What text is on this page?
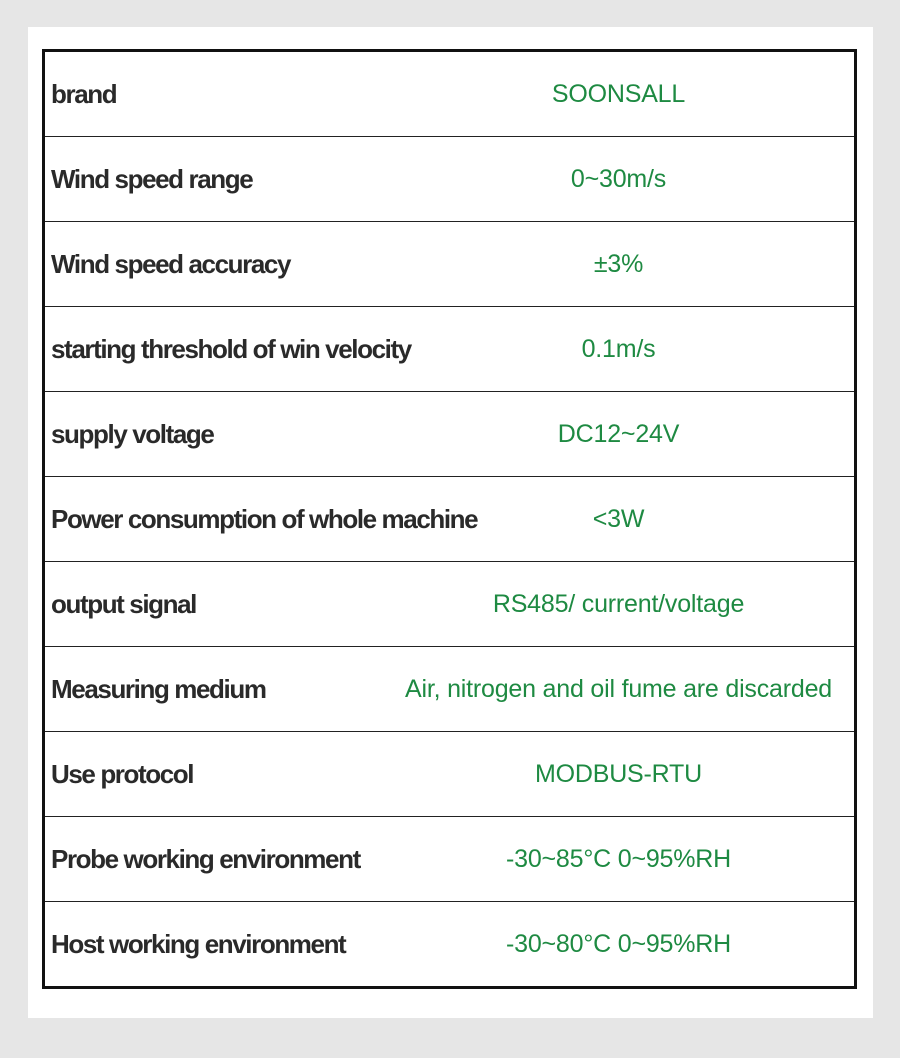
brand	SOONSALL
Wind speed range	0~30m/s
Wind speed accuracy	±3%
starting threshold of win velocity	0.1m/s
supply voltage	DC12~24V
Power consumption of whole machine	<3W
output signal	RS485/ current/voltage
Measuring medium	Air, nitrogen and oil fume are discarded
Use protocol	MODBUS-RTU
Probe working environment	-30~85°C 0~95%RH
Host working environment	-30~80°C 0~95%RH
